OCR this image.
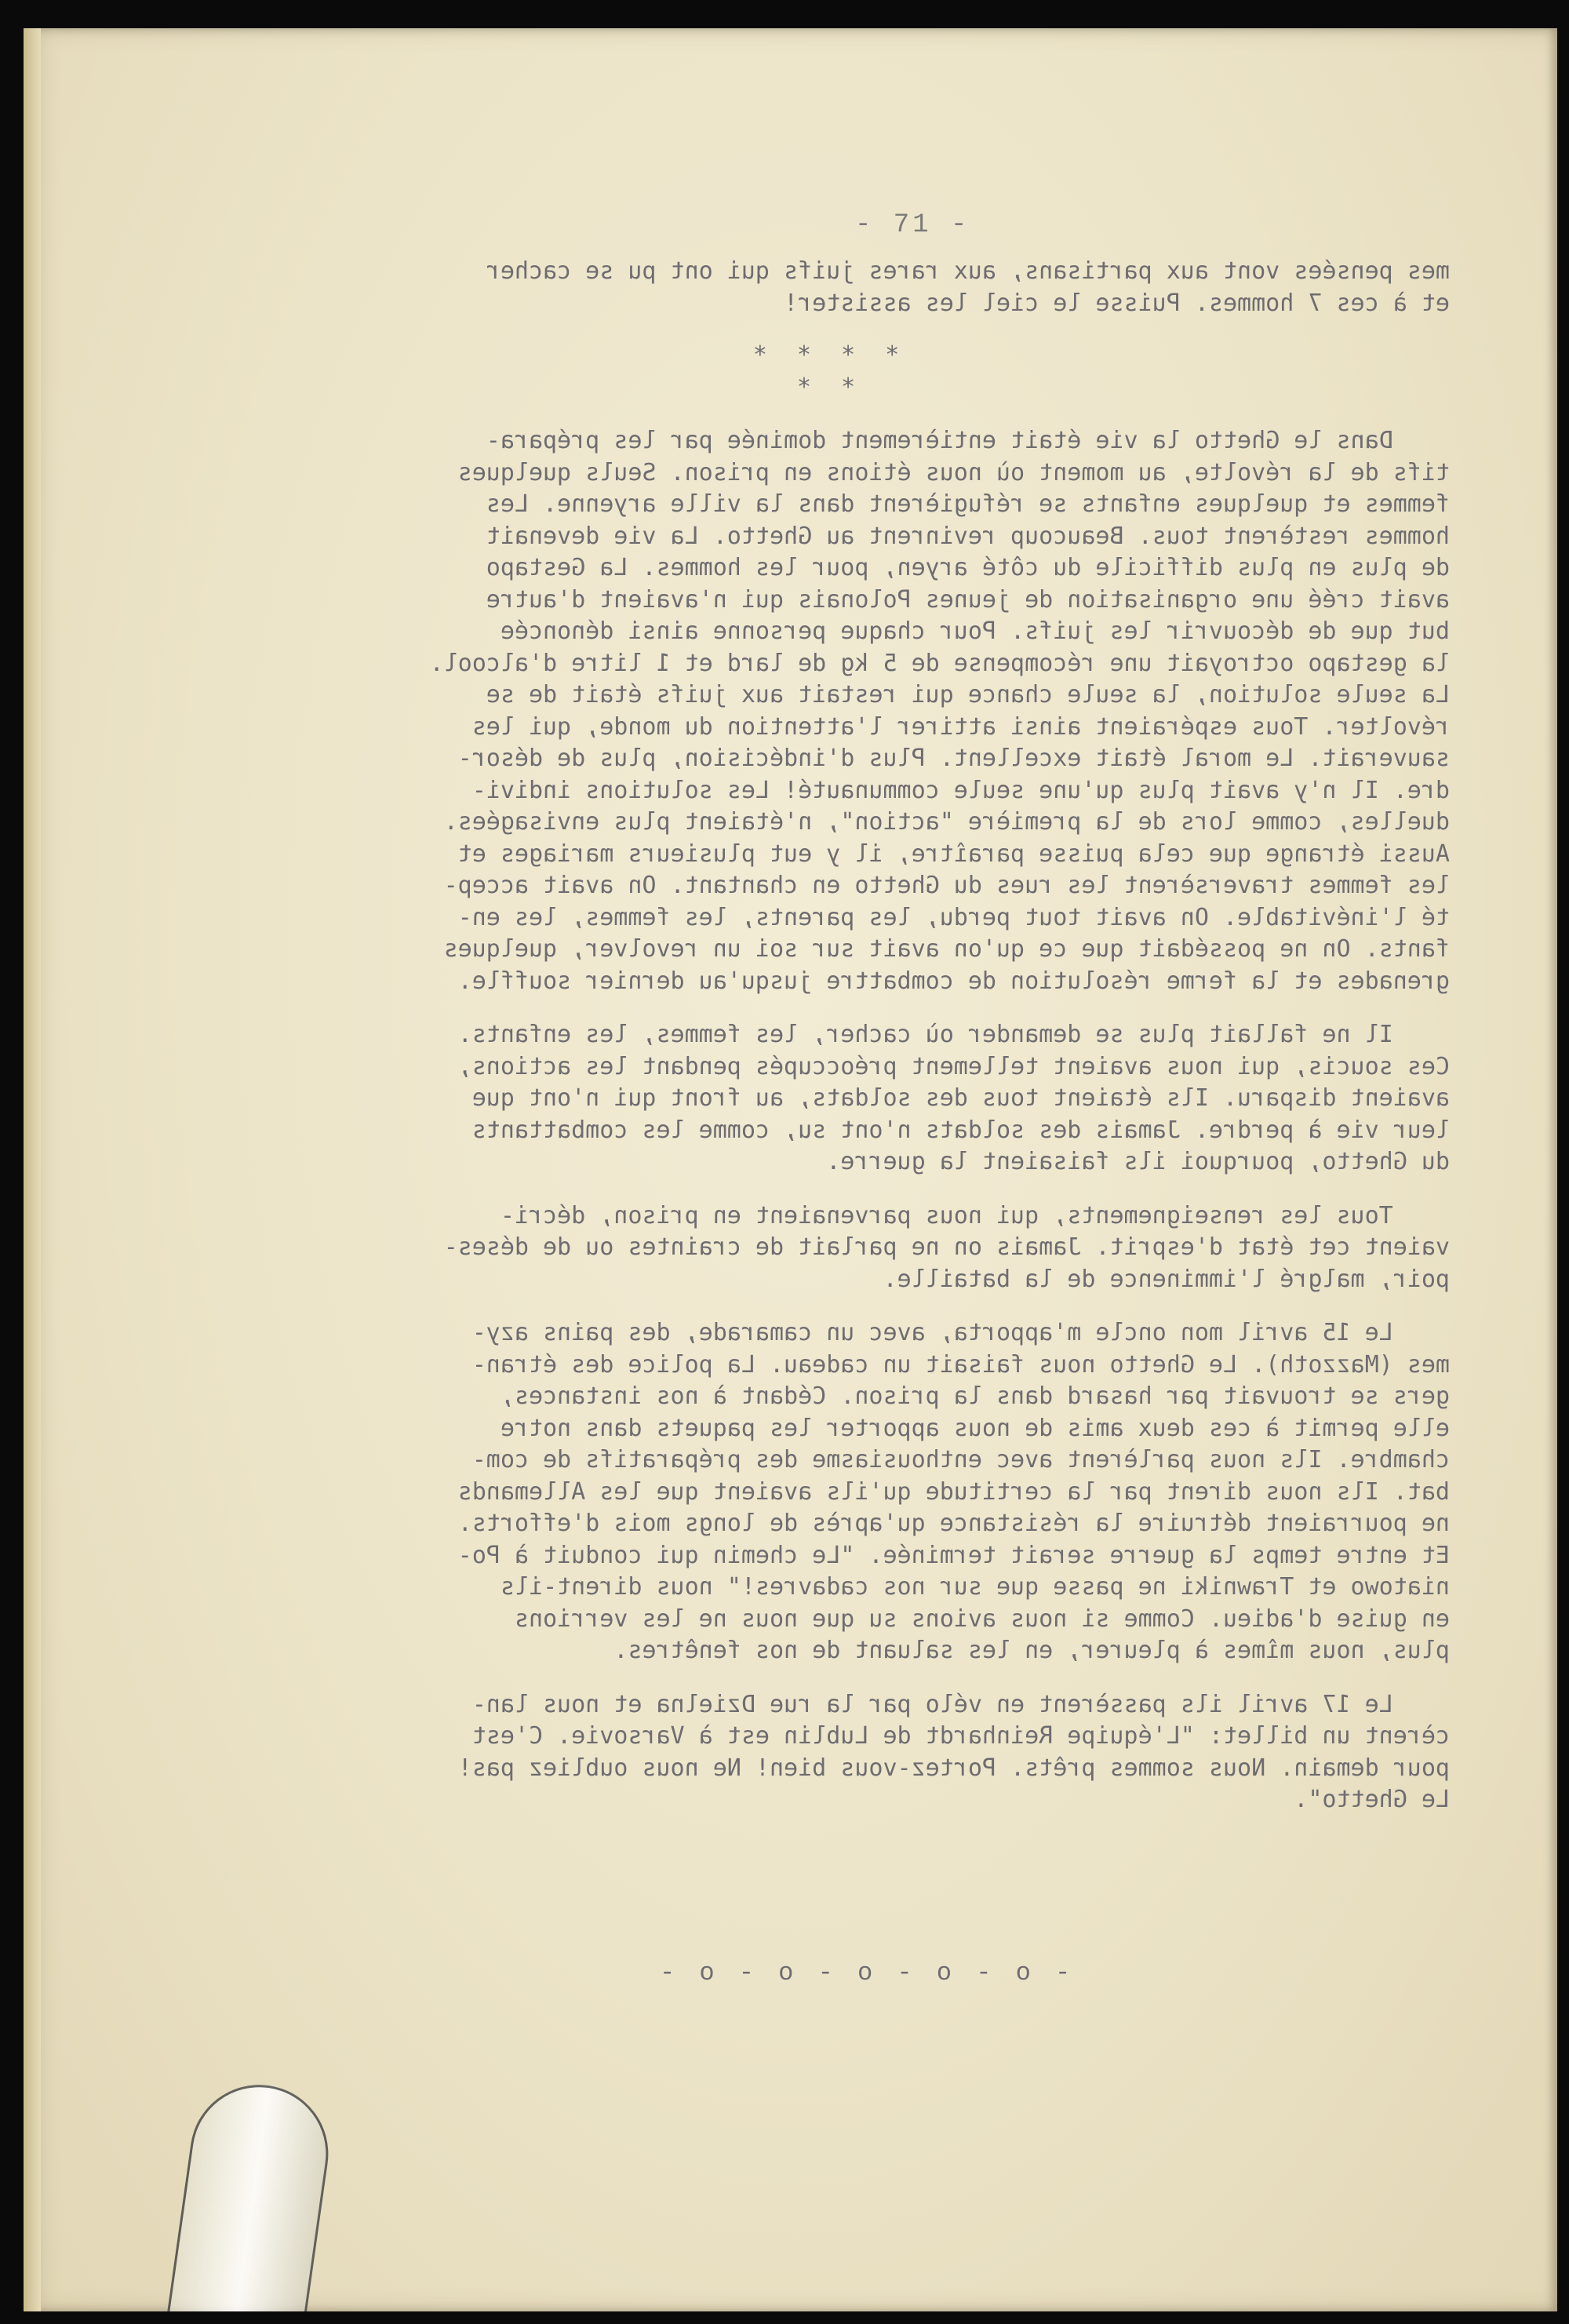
- 71 -
mes pensées vont aux partisans, aux rares juifs qui ont pu se cacher
et à ces 7 hommes. Puisse le ciel les assister!
* * * *
* *
Dans le Ghetto la vie était entièrement dominée par les prépara-
tifs de la révolte, au moment où nous étions en prison. Seuls quelques
femmes et quelques enfants se réfugièrent dans la ville aryenne. Les
hommes restèrent tous. Beaucoup revinrent au Ghetto. La vie devenait
de plus en plus difficile du côté aryen, pour les hommes. La Gestapo
avait créé une organisation de jeunes Polonais qui n'avaient d'autre
but que de découvrir les juifs. Pour chaque personne ainsi dénoncée
la gestapo octroyait une récompense de 5 kg de lard et 1 litre d'alcool.
La seule solution, la seule chance qui restait aux juifs était de se
révolter. Tous espéraient ainsi attirer l'attention du monde, qui les
sauverait. Le moral était excellent. Plus d'indécision, plus de désor-
dre. Il n'y avait plus qu'une seule communauté! Les solutions indivi-
duelles, comme lors de la première "action", n'étaient plus envisagées.
Aussi étrange que cela puisse paraître, il y eut plusieurs mariages et
les femmes traversèrent les rues du Ghetto en chantant. On avait accep-
té l'inévitable. On avait tout perdu, les parents, les femmes, les en-
fants. On ne possédait que ce qu'on avait sur soi un revolver, quelques
grenades et la ferme résolution de combattre jusqu'au dernier souffle.
Il ne fallait plus se demander où cacher, les femmes, les enfants.
Ces soucis, qui nous avaient tellement préoccupés pendant les actions,
avaient disparu. Ils étaient tous des soldats, au front qui n'ont que
leur vie à perdre. Jamais des soldats n'ont su, comme les combattants
du Ghetto, pourquoi ils faisaient la guerre.
Tous les renseignements, qui nous parvenaient en prison, décri-
vaient cet état d'esprit. Jamais on ne parlait de craintes ou de déses-
poir, malgré l'imminence de la bataille.
Le 15 avril mon oncle m'apporta, avec un camarade, des pains azy-
mes (Mazzoth). Le Ghetto nous faisait un cadeau. La police des étran-
gers se trouvait par hasard dans la prison. Cédant à nos instances,
elle permit à ces deux amis de nous apporter les paquets dans notre
chambre. Ils nous parlèrent avec enthousiasme des préparatifs de com-
bat. Ils nous dirent par la certitude qu'ils avaient que les Allemands
ne pourraient détruire la résistance qu'après de longs mois d'efforts.
Et entre temps la guerre serait terminée. "Le chemin qui conduit à Po-
niatowo et Trawniki ne passe que sur nos cadavres!" nous dirent-ils
en guise d'adieu. Comme si nous avions su que nous ne les verrions
plus, nous mîmes à pleurer, en les saluant de nos fenêtres.
Le 17 avril ils passèrent en vélo par la rue Dzielna et nous lan-
cèrent un billet: "L'équipe Reinhardt de Lublin est à Varsovie. C'est
pour demain. Nous sommes prêts. Portez-vous bien! Ne nous oubliez pas!
Le Ghetto".
- o - o - o - o - o -
